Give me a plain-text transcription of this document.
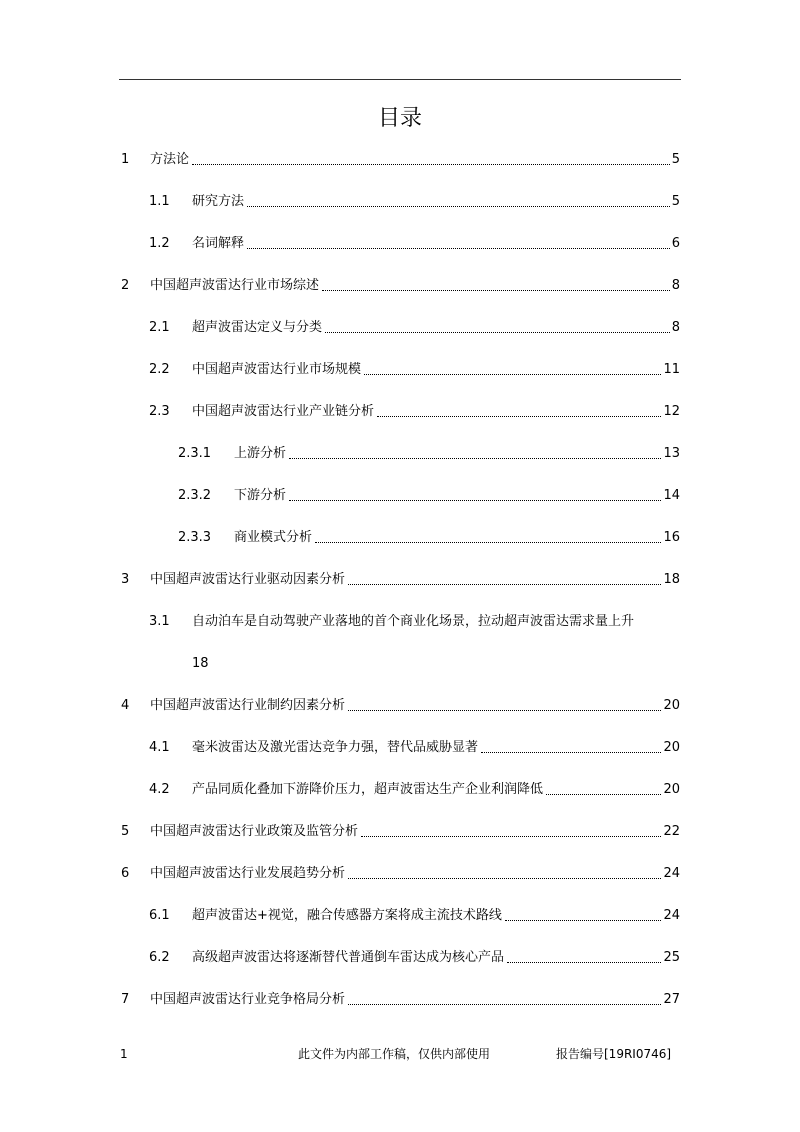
目录
1	方法论	5
1.1	研究方法	5
1.2	名词解释	6
2	中国超声波雷达行业市场综述	8
2.1	超声波雷达定义与分类	8
2.2	中国超声波雷达行业市场规模	11
2.3	中国超声波雷达行业产业链分析	12
2.3.1	上游分析	13
2.3.2	下游分析	14
2.3.3	商业模式分析	16
3	中国超声波雷达行业驱动因素分析	18
3.1	自动泊车是自动驾驶产业落地的首个商业化场景，拉动超声波雷达需求量上升
18
4	中国超声波雷达行业制约因素分析	20
4.1	毫米波雷达及激光雷达竞争力强，替代品威胁显著	20
4.2	产品同质化叠加下游降价压力，超声波雷达生产企业利润降低	20
5	中国超声波雷达行业政策及监管分析	22
6	中国超声波雷达行业发展趋势分析	24
6.1	超声波雷达+视觉，融合传感器方案将成主流技术路线	24
6.2	高级超声波雷达将逐渐替代普通倒车雷达成为核心产品	25
7	中国超声波雷达行业竞争格局分析	27
1	此文件为内部工作稿，仅供内部使用	报告编号[19RI0746]
